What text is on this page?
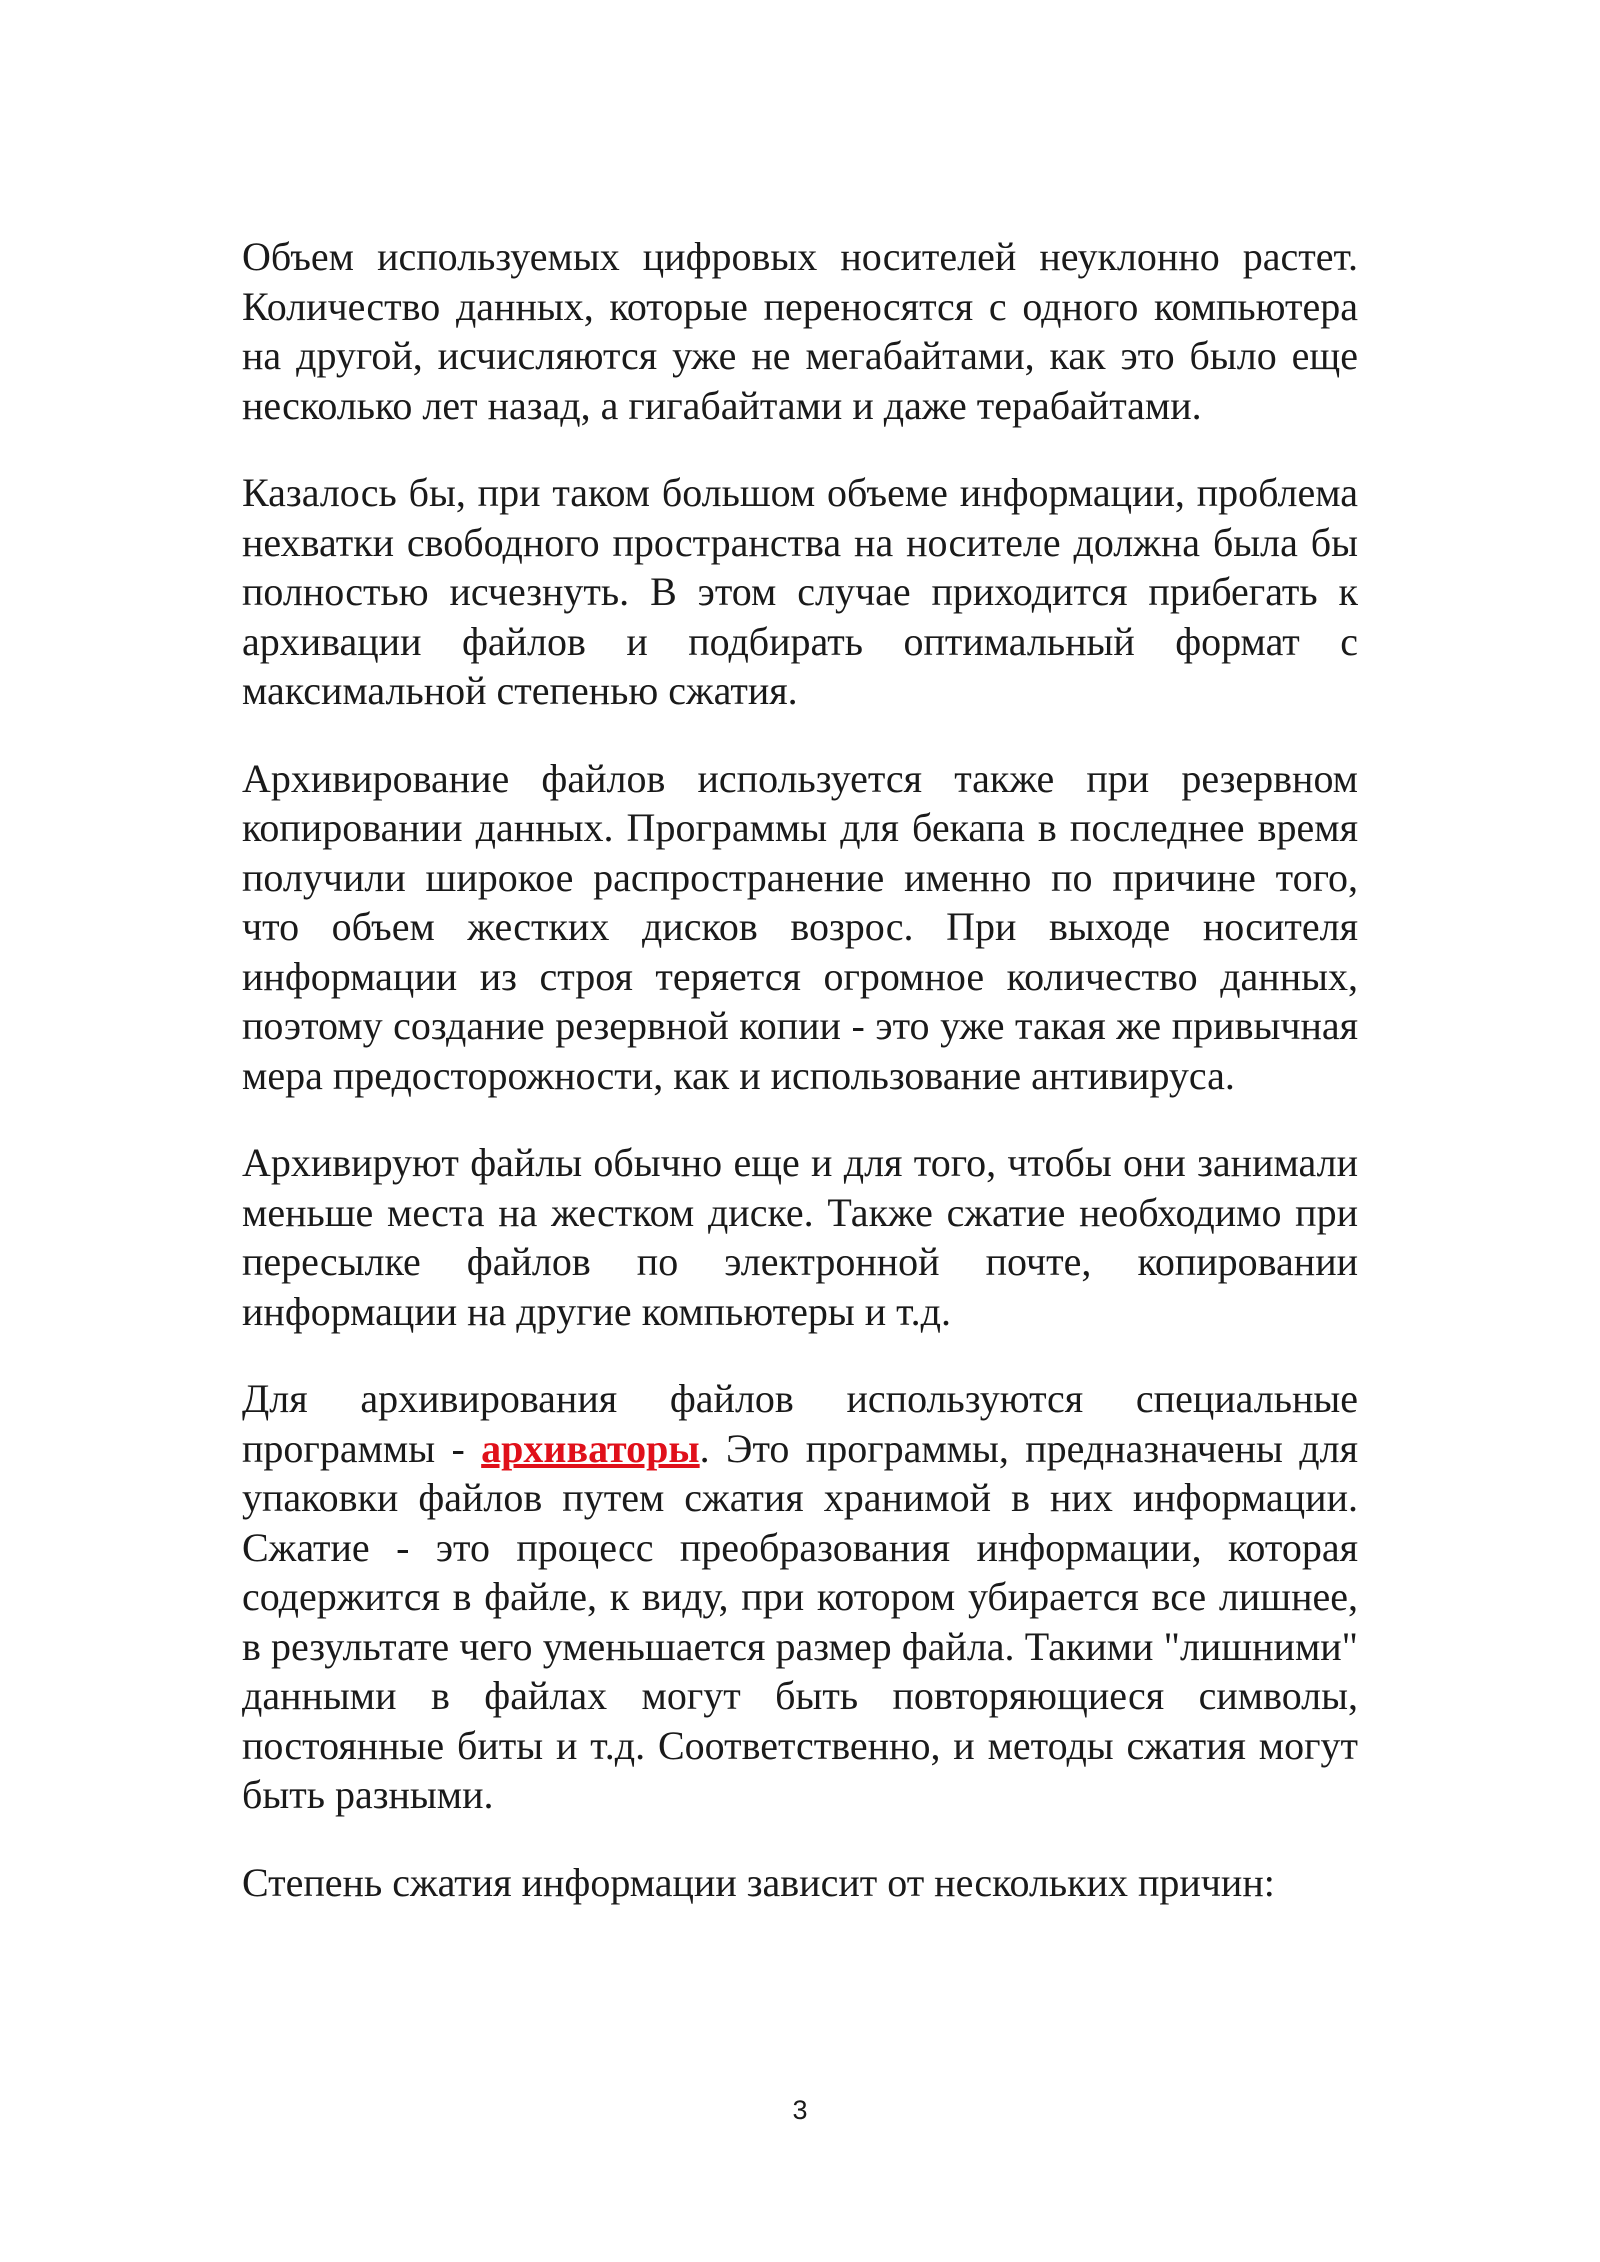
Объем используемых цифровых носителей неуклонно растет. Количество данных, которые переносятся с одного компьютера на другой, исчисляются уже не мегабайтами, как это было еще несколько лет назад, а гигабайтами и даже терабайтами.

Казалось бы, при таком большом объеме информации, проблема нехватки свободного пространства на носителе должна была бы полностью исчезнуть. В этом случае приходится прибегать к архивации файлов и подбирать оптимальный формат с максимальной степенью сжатия.

Архивирование файлов используется также при резервном копировании данных. Программы для бекапа в последнее время получили широкое распространение именно по причине того, что объем жестких дисков возрос. При выходе носителя информации из строя теряется огромное количество данных, поэтому создание резервной копии - это уже такая же привычная мера предосторожности, как и использование антивируса.

Архивируют файлы обычно еще и для того, чтобы они занимали меньше места на жестком диске. Также сжатие необходимо при пересылке файлов по электронной почте, копировании информации на другие компьютеры и т.д.

Для архивирования файлов используются специальные программы - архиваторы. Это программы, предназначены для упаковки файлов путем сжатия хранимой в них информации. Сжатие - это процесс преобразования информации, которая содержится в файле, к виду, при котором убирается все лишнее, в результате чего уменьшается размер файла. Такими "лишними" данными в файлах могут быть повторяющиеся символы, постоянные биты и т.д. Соответственно, и методы сжатия могут быть разными.

Степень сжатия информации зависит от нескольких причин:

3
